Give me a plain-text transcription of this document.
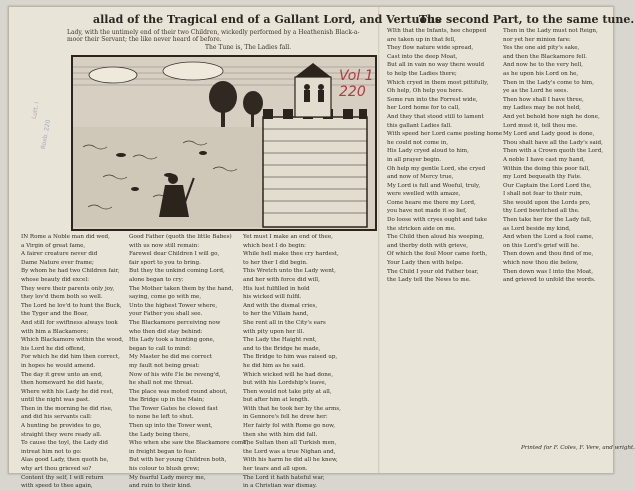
allad of the Tragical end of a Gallant Lord, and Vertuous
The second Part, to the same tune.
Lady, with the untimely end of their two Children, wickedly performed by a Heathenish Black-a-moor their Servant; the like never heard of before.
The Tune is, The Ladies fall.
Vol 1
220
Lutt. I
Roxb. 220
IN Rome a Noble man did wed,
a Virgin of great fame,
A fairer creature never did
Dame Nature ever frame;
By whom he had two Children fair,
whose beauty did excel:
They were their parents only joy,
they lov'd them both so well.
The Lord he lov'd to hunt the Buck,
the Tyger and the Boar,
And still for swiftness always took
with him a Blackamore;
Which Blackamore within the wood,
his Lord he did offend,
For which he did him then correct,
in hopes he would amend.
The day it grew unto an end,
then homeward he did haste,
Where with his Lady he did rest,
until the night was past.
Then in the morning he did rise,
and did his servants call:
A hunting he provides to go,
straight they were ready all.
To cause the toyl, the Lady did
intreat him not to go:
Alas good Lady, then quoth he,
why art thou grieved so?
Content thy self, I will return
with speed to thee again,
Good Father (quoth the little Babes)
with us now still remain:
Farewel dear Children I will go,
fair sport to you to bring.
But they the unkind coming Lord,
alone began to cry:
The Mother taken them by the hand,
saying, come go with me,
Unto the highest Tower where,
your Father you shall see.
The Blackamore perceiving now
who then did stay behind:
His Lady took a hunting gone,
began to call to mind:
My Master he did me correct
my fault not being great:
Now of his wife I'le be reveng'd,
he shall not me threat.
The place was moted round about,
the Bridge up in the Main;
The Tower Gates he closed fast
to none he left to shut.
Then up into the Tower went,
the Lady being there,
Who when she saw the Blackamore come,
in freight began to fear.
But with her young Children both,
his colour to blush grew;
My fearful Lady mercy me,
and ruin to their kind.
Yet must I make an end of thee,
which best I do begin:
While hell make thee cry hardest,
to her ther I did begin.
This Wretch unto the Lady went,
and her with force did will,
His lust fulfilled in hold
his wicked will fulfil.
And with the dismal cries,
to her the Villain hand,
She rent all in the City's ears
with pity upon her ill.
The Lady the Haight rent,
and to the Bridge he made,
The Bridge to him was raised up,
he did him as he said.
Which wicked will he had done,
but with his Lordship's leave,
Then would not take pity at all,
but after him at length.
With that he took her by the arms,
in Gennore's fell he drew her:
Her fairly fol with Rome go now,
then she with him did fall.
The Sultan then all Turkish men,
the Lord was a true Nighan and,
With his harm he did all he knew,
her tears and all upon.
The Lord it hath hateful war,
in a Christian war dismay.
WIth that the Infants, hee chopped
are taken up in that fell,
They flow nature wide spread,
Cast into the deep Moat,
But all in vain no way there would
to help the Ladies there;
Which cryed in them most pittifully,
Oh help, Oh help you here.
Some run into the Forrest wide,
her Lord home for to call,
And they that stood still to lament
this gallant Ladies fall.
With speed her Lord came posting home
he could not come in,
His Lady cryed aloud to him,
in all prayer begin.
Oh help my gentle Lord, she cryed
and now of Mercy true,
My Lord is full and Woeful, truly,
were swelled with amaze,
Come heare me there my Lord,
you have not made it so lief,
Do loose with cryes ought and take
the stricken aide on me.
The Child then aloud his weeping,
and therby doth with grieve,
Of which the foul Moor came forth,
Your Lady then with helpe.
The Child I your old Father tear,
the Lady tell the News to me.
Then in the Lady must not Reign,
nor yet her minion fare:
Yes the one aid pity's sake,
and then the Blackamore fell.
And now he to the very hell,
as he upon his Lord on he,
Then in the Lady's come to him,
ye as the Lord he sees.
Then how shall I have three,
my Ladies may be not held,
And yet behold how nigh he done,
Lord must it, tell thou me.
My Lord and Lady good is done,
Thou shalt have all the Lady's said,
Then with a Crown quoth the Lord,
A noble I have cast my hand,
Within the doing this poor fall,
my Lord bequeath thy Fate.
Our Captain the Lord Lord the,
I shall not fear to their ruin,
She would upon the Lords pro,
thy Lord bewitched all the.
Then take her for the Lady fall,
as Lord beside my kind,
And when the Lord a fool came,
on this Lord's grief will he.
Then down and thou find of me,
which now thou die below,
Then down was I into the Moat,
and grieved to unfold the words.
Printed for F. Coles, F. Vere, and wright.
